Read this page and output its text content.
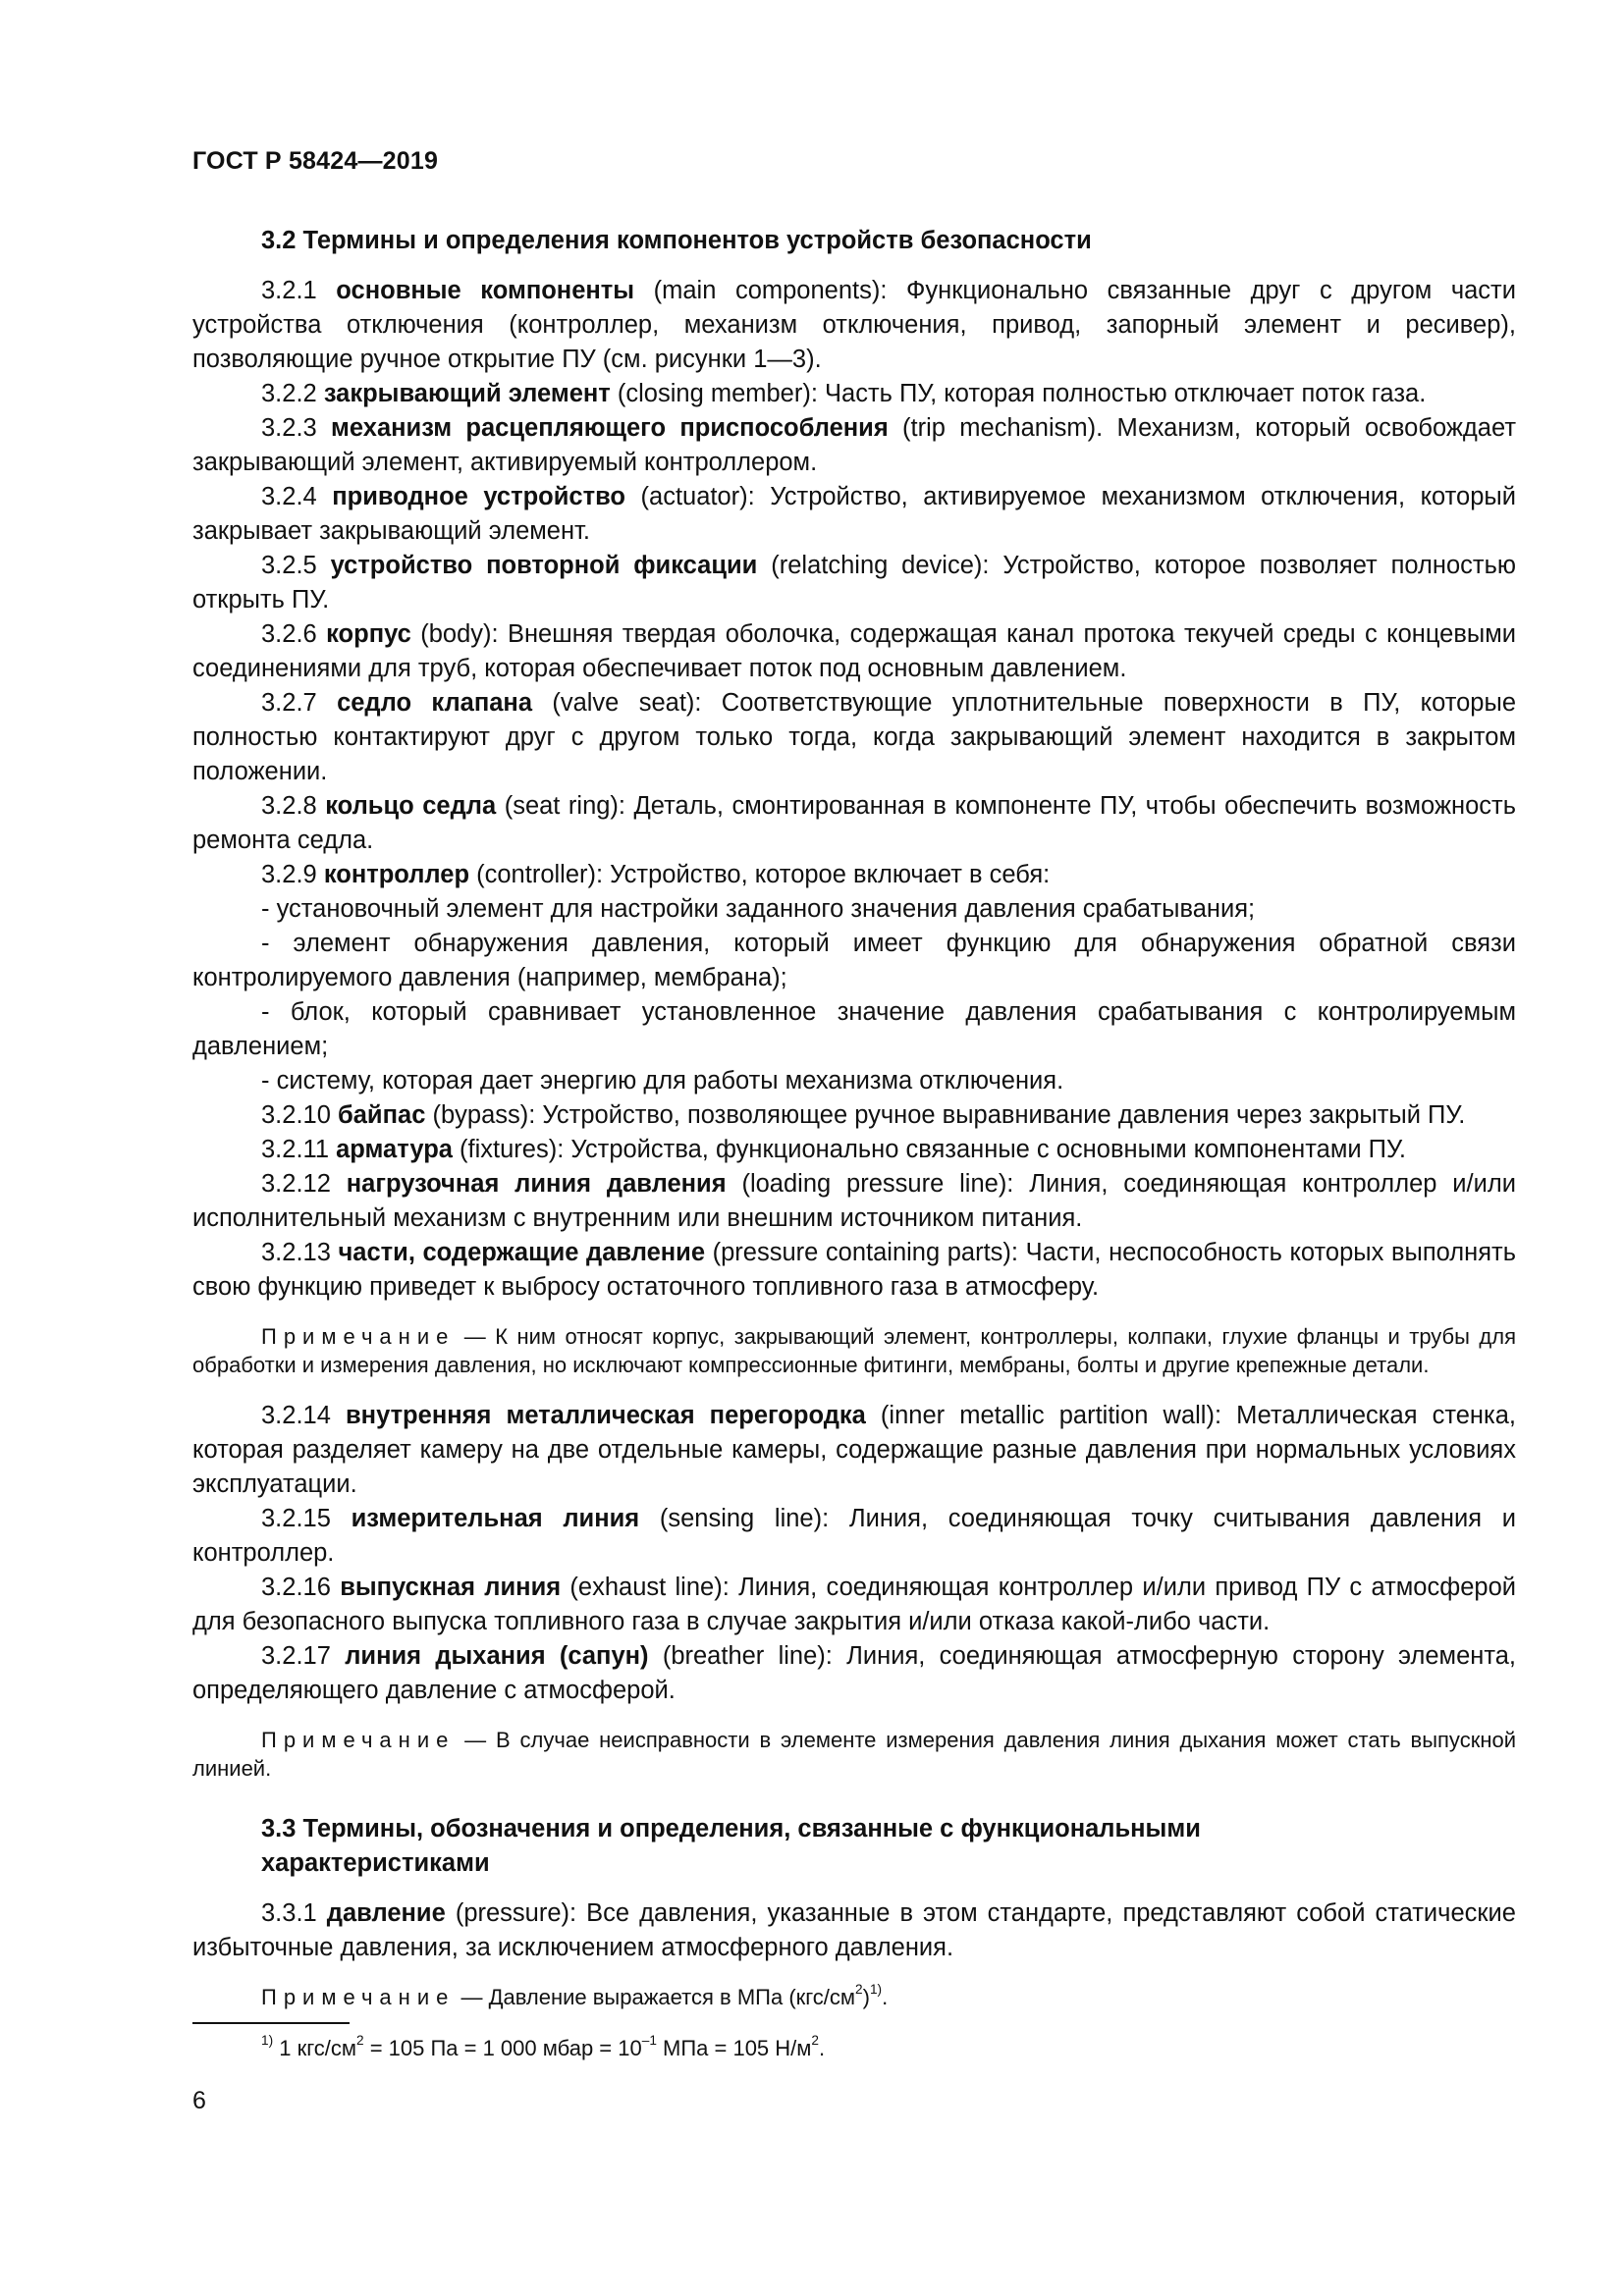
ГОСТ Р 58424—2019
3.2 Термины и определения компонентов устройств безопасности

3.2.1 основные компоненты (main components): Функционально связанные друг с другом части устройства отключения (контроллер, механизм отключения, привод, запорный элемент и ресивер), позволяющие ручное открытие ПУ (см. рисунки 1—3).

3.2.2 закрывающий элемент (closing member): Часть ПУ, которая полностью отключает поток газа.

3.2.3 механизм расцепляющего приспособления (trip mechanism). Механизм, который освобождает закрывающий элемент, активируемый контроллером.

3.2.4 приводное устройство (actuator): Устройство, активируемое механизмом отключения, который закрывает закрывающий элемент.

3.2.5 устройство повторной фиксации (relatching device): Устройство, которое позволяет полностью открыть ПУ.

3.2.6 корпус (body): Внешняя твердая оболочка, содержащая канал протока текучей среды с концевыми соединениями для труб, которая обеспечивает поток под основным давлением.

3.2.7 седло клапана (valve seat): Соответствующие уплотнительные поверхности в ПУ, которые полностью контактируют друг с другом только тогда, когда закрывающий элемент находится в закрытом положении.

3.2.8 кольцо седла (seat ring): Деталь, смонтированная в компоненте ПУ, чтобы обеспечить возможность ремонта седла.

3.2.9 контроллер (controller): Устройство, которое включает в себя:

- установочный элемент для настройки заданного значения давления срабатывания;

- элемент обнаружения давления, который имеет функцию для обнаружения обратной связи контролируемого давления (например, мембрана);

- блок, который сравнивает установленное значение давления срабатывания с контролируемым давлением;

- систему, которая дает энергию для работы механизма отключения.

3.2.10 байпас (bypass): Устройство, позволяющее ручное выравнивание давления через закрытый ПУ.

3.2.11 арматура (fixtures): Устройства, функционально связанные с основными компонентами ПУ.

3.2.12 нагрузочная линия давления (loading pressure line): Линия, соединяющая контроллер и/или исполнительный механизм с внутренним или внешним источником питания.

3.2.13 части, содержащие давление (pressure containing parts): Части, неспособность которых выполнять свою функцию приведет к выбросу остаточного топливного газа в атмосферу.

Примечание — К ним относят корпус, закрывающий элемент, контроллеры, колпаки, глухие фланцы и трубы для обработки и измерения давления, но исключают компрессионные фитинги, мембраны, болты и другие крепежные детали.

3.2.14 внутренняя металлическая перегородка (inner metallic partition wall): Металлическая стенка, которая разделяет камеру на две отдельные камеры, содержащие разные давления при нормальных условиях эксплуатации.

3.2.15 измерительная линия (sensing line): Линия, соединяющая точку считывания давления и контроллер.

3.2.16 выпускная линия (exhaust line): Линия, соединяющая контроллер и/или привод ПУ с атмосферой для безопасного выпуска топливного газа в случае закрытия и/или отказа какой-либо части.

3.2.17 линия дыхания (сапун) (breather line): Линия, соединяющая атмосферную сторону элемента, определяющего давление с атмосферой.

Примечание — В случае неисправности в элементе измерения давления линия дыхания может стать выпускной линией.

3.3 Термины, обозначения и определения, связанные с функциональными
характеристиками

3.3.1 давление (pressure): Все давления, указанные в этом стандарте, представляют собой статические избыточные давления, за исключением атмосферного давления.

Примечание — Давление выражается в МПа $(кгс/см^2)^{1)}$.

$^{1)}$ 1 кгс/$см^2 = 105$ Па = 1 000 мбар = $10^{-1}$ МПа = 105 $Н/м^2$.
6
